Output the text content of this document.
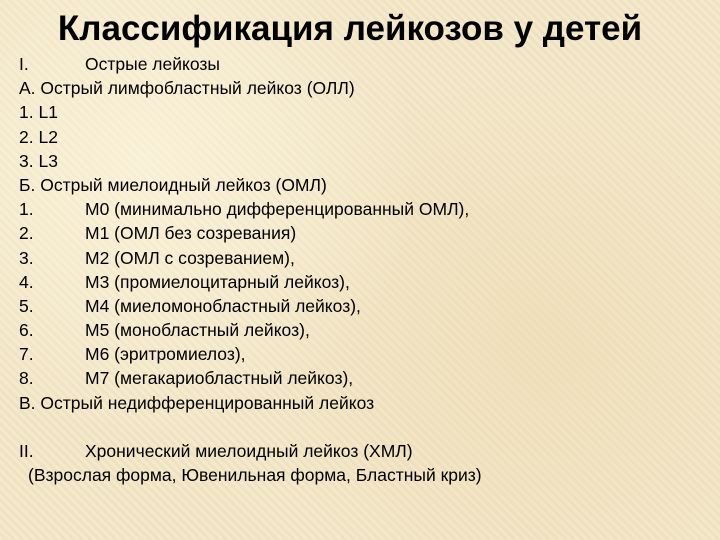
Классификация лейкозов у детей
I.	Острые лейкозы
А. Острый лимфобластный лейкоз (ОЛЛ)
1. L1
2. L2
3. L3
Б. Острый миелоидный лейкоз (ОМЛ)
1.	М0 (минимально дифференцированный ОМЛ),
2.	М1 (ОМЛ без созревания)
3.	М2 (ОМЛ с созреванием),
4.	М3 (промиелоцитарный лейкоз),
5.	М4 (миеломонобластный лейкоз),
6.	М5 (монобластный лейкоз),
7.	М6 (эритромиелоз),
8.	М7 (мегакариобластный лейкоз),
В. Острый недифференцированный лейкоз
II.	Хронический миелоидный лейкоз (ХМЛ)
(Взрослая форма, Ювенильная форма, Бластный криз)
